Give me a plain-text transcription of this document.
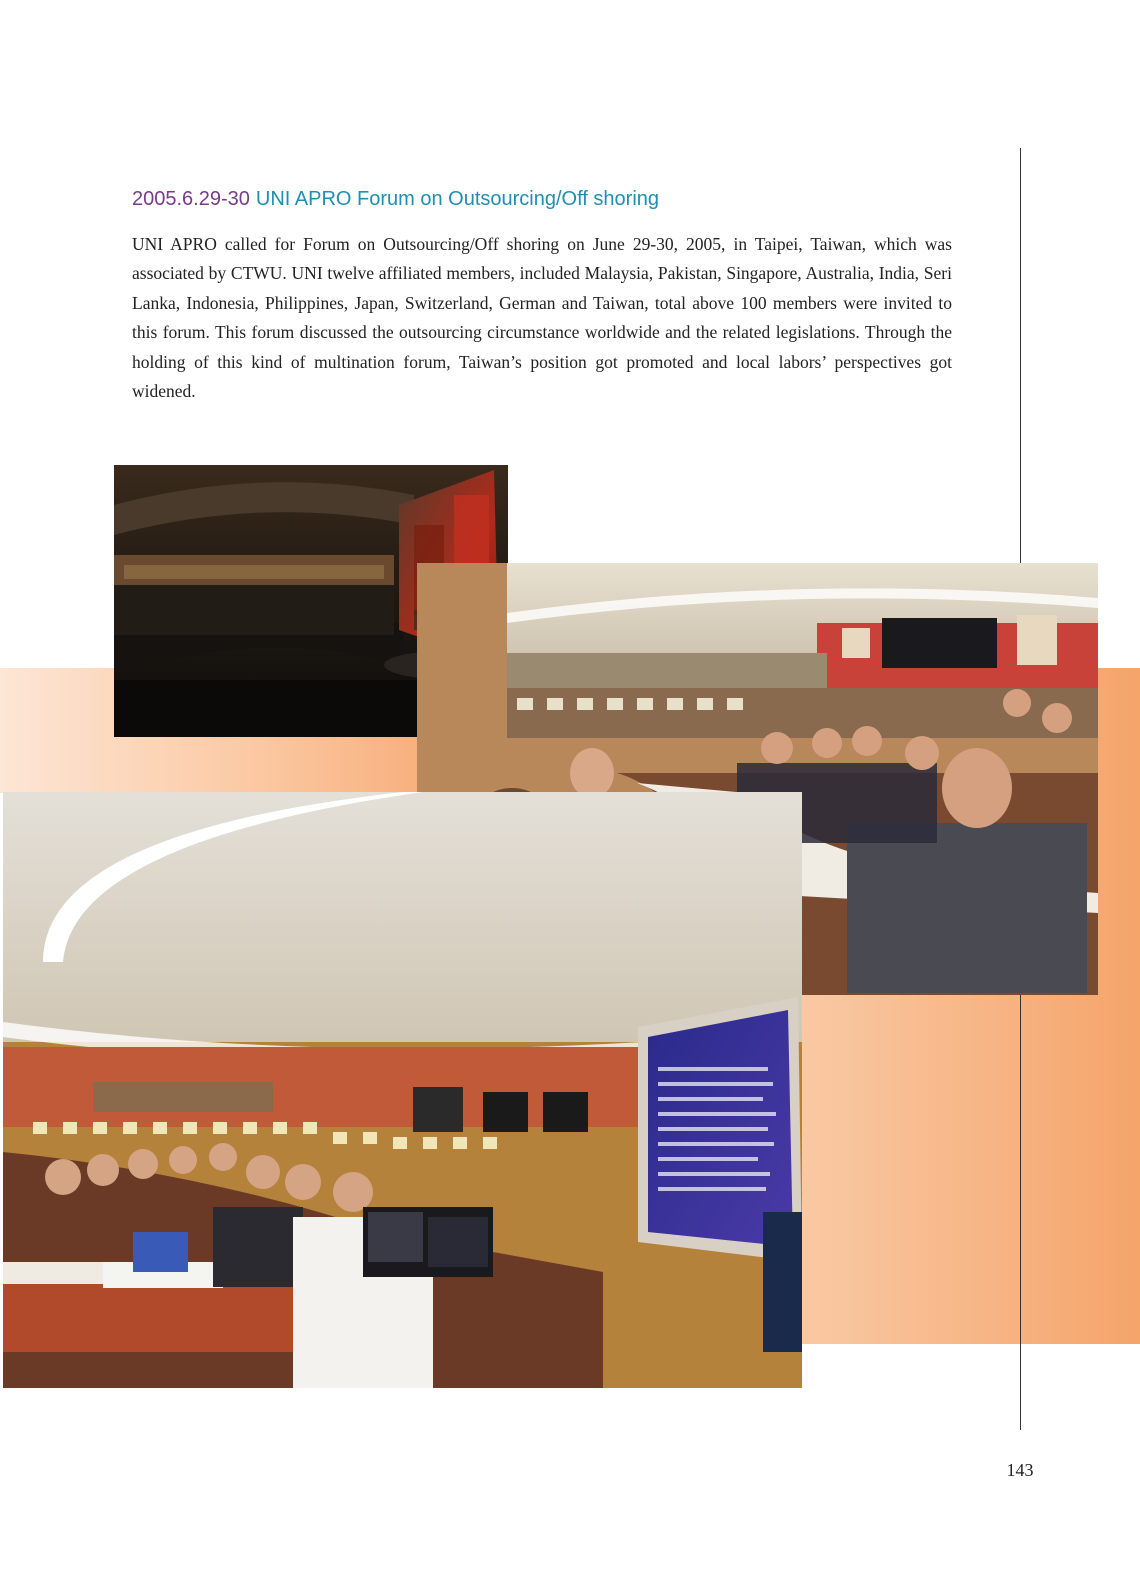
2005.6.29-30 UNI APRO Forum on Outsourcing/Off shoring

UNI APRO called for Forum on Outsourcing/Off shoring on June 29-30, 2005, in Taipei, Taiwan, which was associated by CTWU. UNI twelve affiliated members, included Malaysia, Pakistan, Singapore, Australia, India, Seri Lanka, Indonesia, Philippines, Japan, Switzerland, German and Taiwan, total above 100 members were invited to this forum. This forum discussed the outsourcing circumstance worldwide and the related legislations. Through the holding of this kind of multination forum, Taiwan’s position got promoted and local labors’ perspectives got widened.

143
